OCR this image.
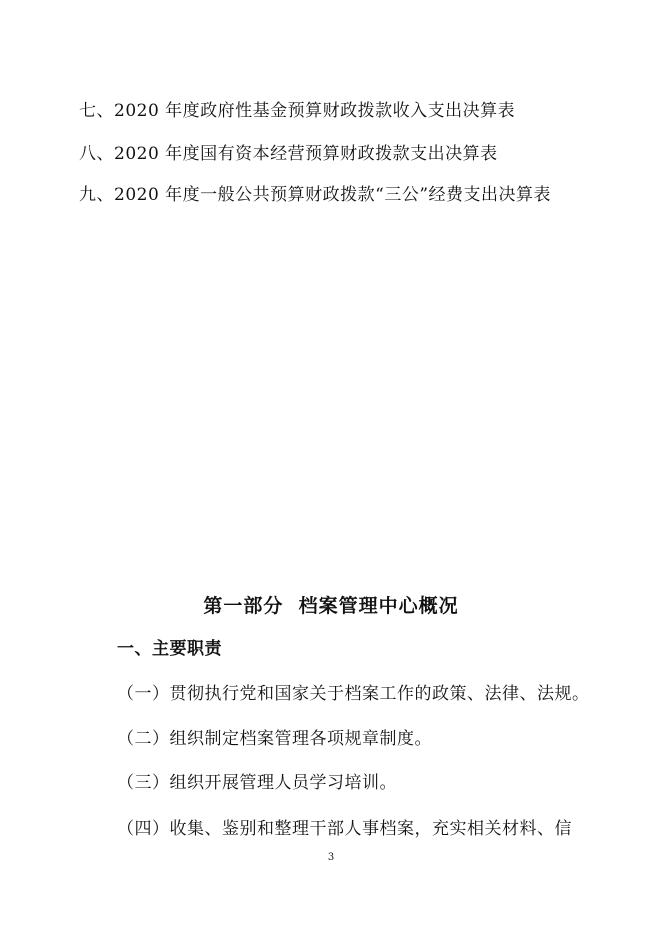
七、2020 年度政府性基金预算财政拨款收入支出决算表
八、2020 年度国有资本经营预算财政拨款支出决算表
九、2020 年度一般公共预算财政拨款“三公”经费支出决算表
第一部分  档案管理中心概况
一、主要职责
（一）贯彻执行党和国家关于档案工作的政策、法律、法规。
（二）组织制定档案管理各项规章制度。
（三）组织开展管理人员学习培训。
（四）收集、鉴别和整理干部人事档案，充实相关材料、信
3
